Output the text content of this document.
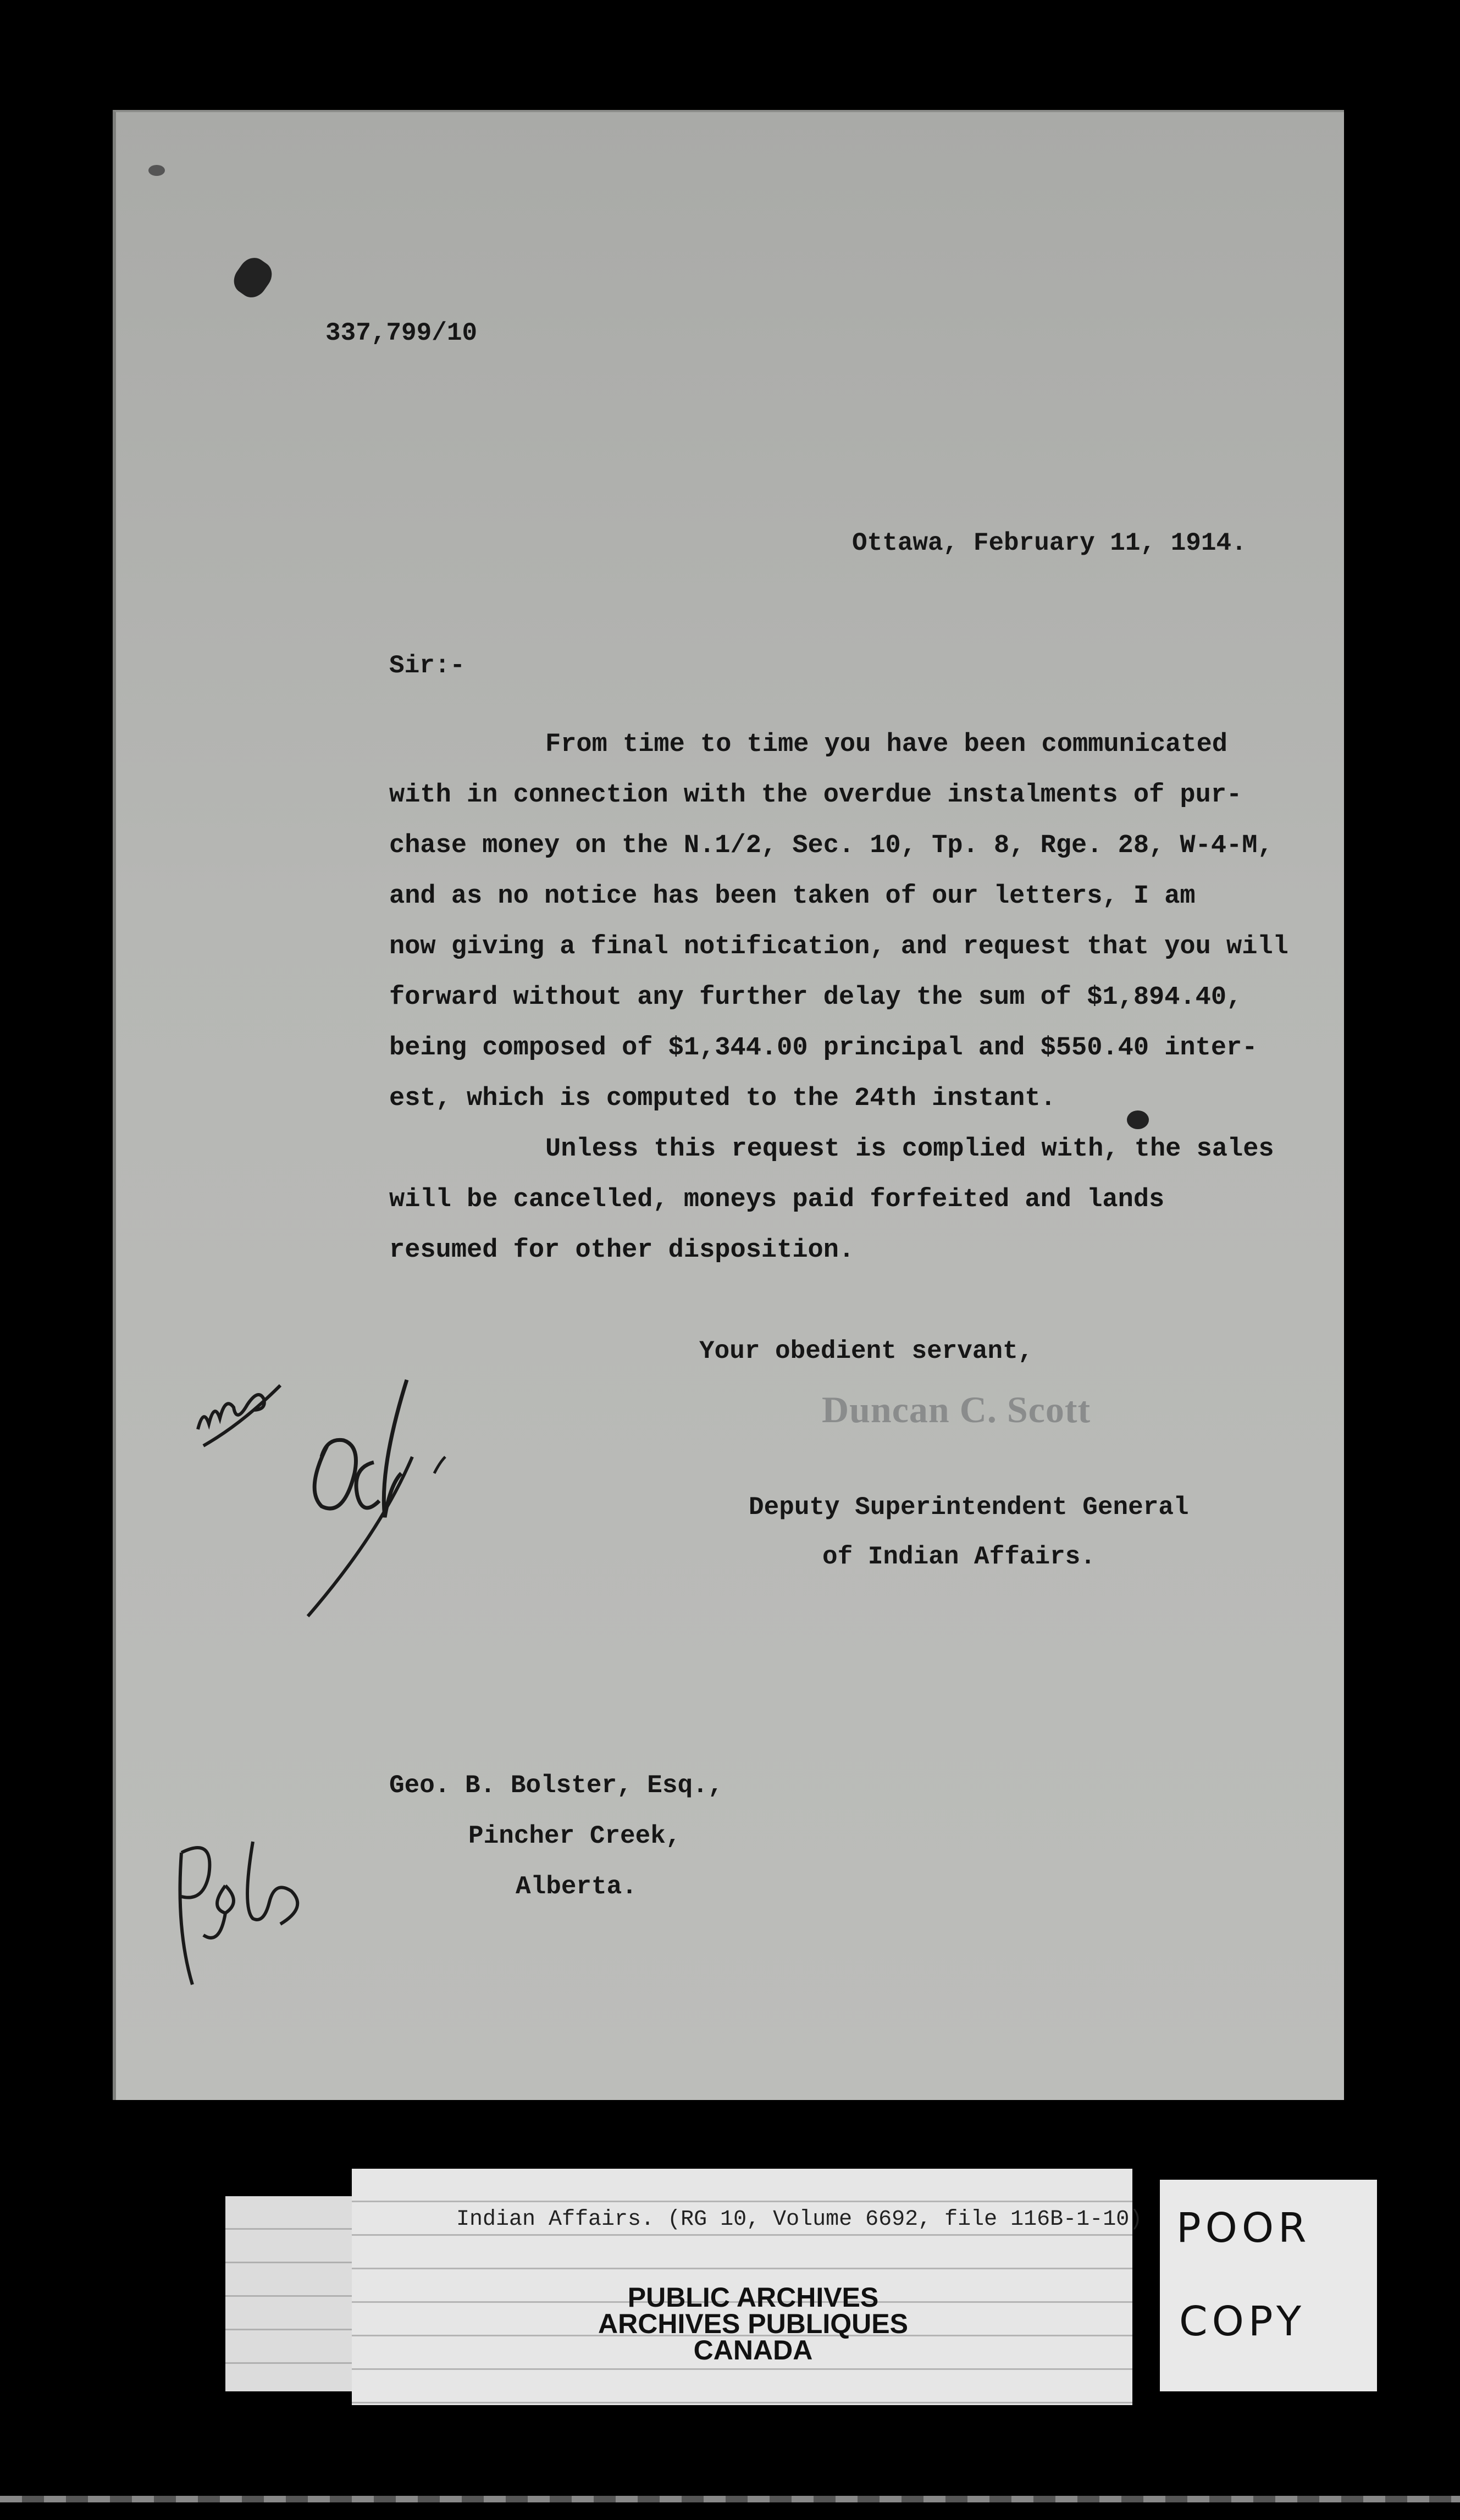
337,799/10
Ottawa, February 11, 1914.
Sir:-
From time to time you have been communicated
with in connection with the overdue instalments of pur-
chase money on the N.1/2, Sec. 10, Tp. 8, Rge. 28, W-4-M,
and as no notice has been taken of our letters, I am
now giving a final notification, and request that you will
forward without any further delay the sum of $1,894.40,
being composed of $1,344.00 principal and $550.40 inter-
est, which is computed to the 24th instant.
Unless this request is complied with, the sales
will be cancelled, moneys paid forfeited and lands
resumed for other disposition.
Your obedient servant,
Duncan C. Scott
Deputy Superintendent General
of Indian Affairs.
Geo. B. Bolster, Esq.,
Pincher Creek,
Alberta.
Indian Affairs. (RG 10, Volume 6692, file 116B-1-10)
PUBLIC ARCHIVES
ARCHIVES PUBLIQUES
CANADA
POOR
COPY
